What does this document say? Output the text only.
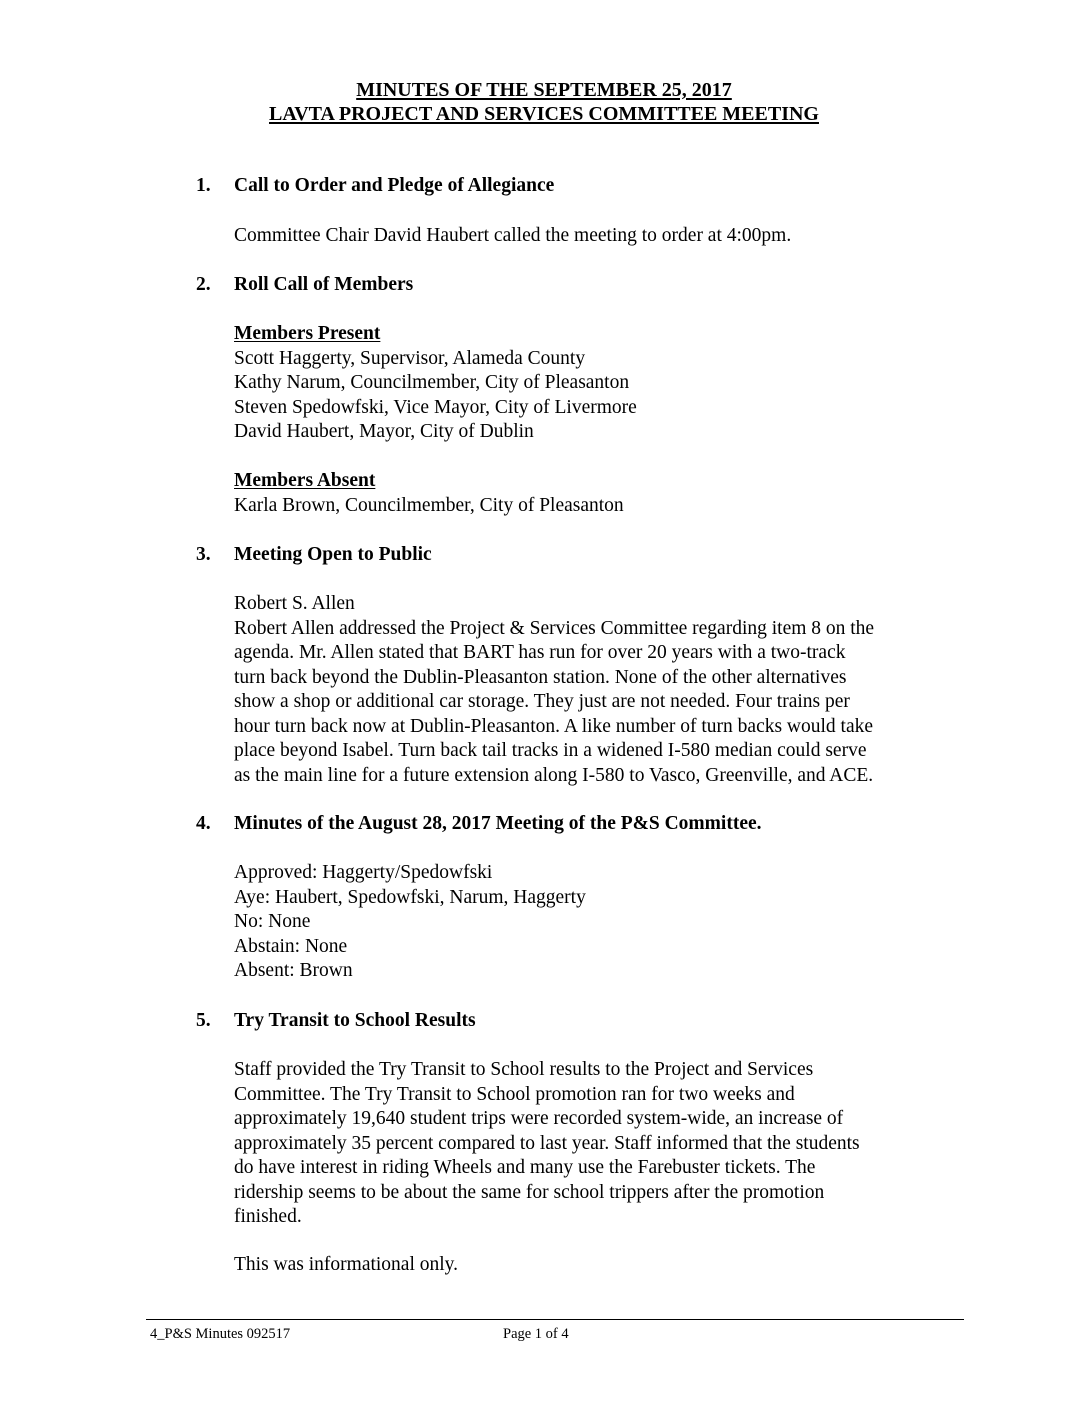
MINUTES OF THE SEPTEMBER 25, 2017
LAVTA PROJECT AND SERVICES COMMITTEE MEETING
1. Call to Order and Pledge of Allegiance
Committee Chair David Haubert called the meeting to order at 4:00pm.
2. Roll Call of Members
Members Present
Scott Haggerty, Supervisor, Alameda County
Kathy Narum, Councilmember, City of Pleasanton
Steven Spedowfski, Vice Mayor, City of Livermore
David Haubert, Mayor, City of Dublin
Members Absent
Karla Brown, Councilmember, City of Pleasanton
3. Meeting Open to Public
Robert S. Allen
Robert Allen addressed the Project & Services Committee regarding item 8 on the
agenda. Mr. Allen stated that BART has run for over 20 years with a two-track
turn back beyond the Dublin-Pleasanton station. None of the other alternatives
show a shop or additional car storage. They just are not needed. Four trains per
hour turn back now at Dublin-Pleasanton. A like number of turn backs would take
place beyond Isabel. Turn back tail tracks in a widened I-580 median could serve
as the main line for a future extension along I-580 to Vasco, Greenville, and ACE.
4. Minutes of the August 28, 2017 Meeting of the P&S Committee.
Approved: Haggerty/Spedowfski
Aye: Haubert, Spedowfski, Narum, Haggerty
No: None
Abstain: None
Absent: Brown
5. Try Transit to School Results
Staff provided the Try Transit to School results to the Project and Services
Committee. The Try Transit to School promotion ran for two weeks and
approximately 19,640 student trips were recorded system-wide, an increase of
approximately 35 percent compared to last year. Staff informed that the students
do have interest in riding Wheels and many use the Farebuster tickets. The
ridership seems to be about the same for school trippers after the promotion
finished.
This was informational only.
4_P&S Minutes 092517	Page 1 of 4
